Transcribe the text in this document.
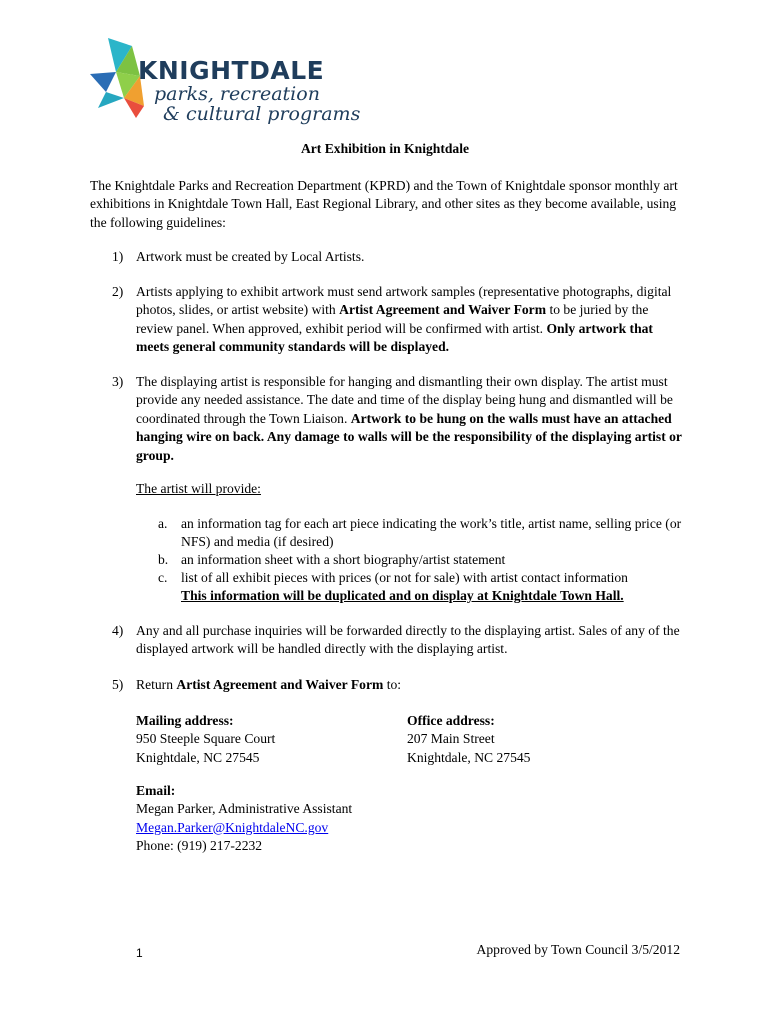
KNIGHTDALE
parks, recreation
& cultural programs
Art Exhibition in Knightdale

The Knightdale Parks and Recreation Department (KPRD) and the Town of Knightdale sponsor monthly art exhibitions in Knightdale Town Hall, East Regional Library, and other sites as they become available, using the following guidelines:

1) Artwork must be created by Local Artists.
2) Artists applying to exhibit artwork must send artwork samples (representative photographs, digital photos, slides, or artist website) with Artist Agreement and Waiver Form to be juried by the review panel. When approved, exhibit period will be confirmed with artist. Only artwork that meets general community standards will be displayed.
3) The displaying artist is responsible for hanging and dismantling their own display. The artist must provide any needed assistance. The date and time of the display being hung and dismantled will be coordinated through the Town Liaison. Artwork to be hung on the walls must have an attached hanging wire on back. Any damage to walls will be the responsibility of the displaying artist or group.

The artist will provide:

a. an information tag for each art piece indicating the work’s title, artist name, selling price (or NFS) and media (if desired)
b. an information sheet with a short biography/artist statement
c. list of all exhibit pieces with prices (or not for sale) with artist contact information

This information will be duplicated and on display at Knightdale Town Hall.

4) Any and all purchase inquiries will be forwarded directly to the displaying artist. Sales of any of the displayed artwork will be handled directly with the displaying artist.
5) Return Artist Agreement and Waiver Form to:
Mailing address:
950 Steeple Square Court
Knightdale, NC 27545
Office address:
207 Main Street
Knightdale, NC 27545
Email:
Megan Parker, Administrative Assistant
Megan.Parker@KnightdaleNC.gov
Phone: (919) 217-2232

1	Approved by Town Council 3/5/2012
